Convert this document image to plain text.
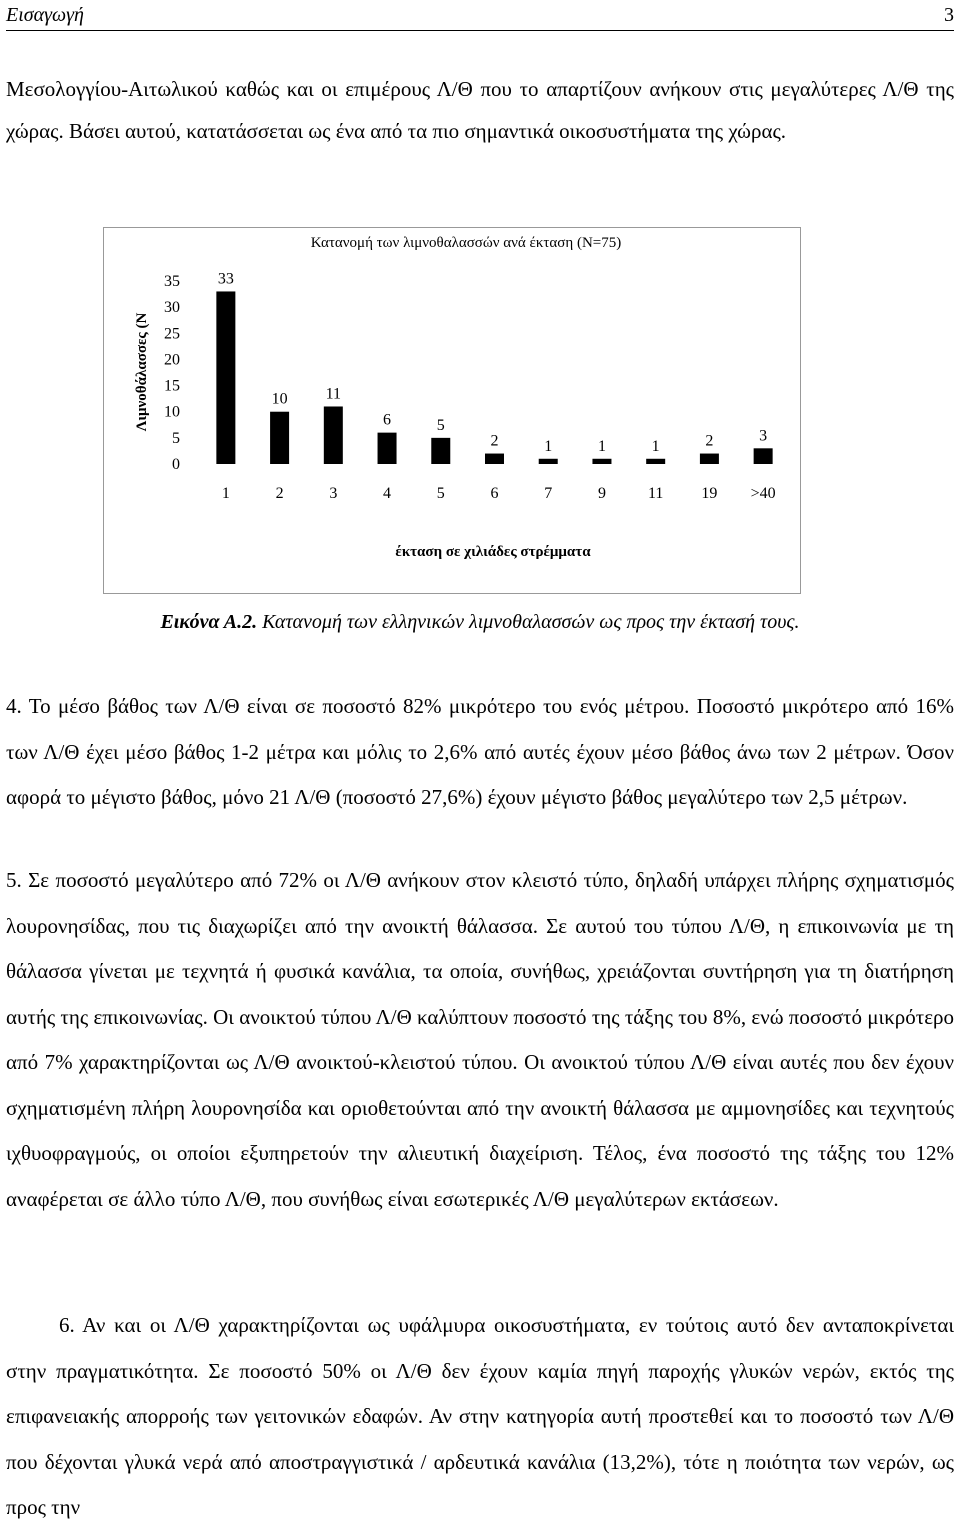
Εισαγωγή	3

Μεσολογγίου-Αιτωλικού καθώς και οι επιμέρους Λ/Θ που το απαρτίζουν ανήκουν στις μεγαλύτερες Λ/Θ της χώρας. Βάσει αυτού, κατατάσσεται ως ένα από τα πιο σημαντικά οικοσυστήματα της χώρας.

Κατανομή των λιμνοθαλασσών ανά έκταση (N=75)
Λιμνοθάλασσες (Ν
έκταση σε χιλιάδες στρέμματα
0
5
10
15
20
25
30
35 33
10 11
6	5
2	1	1	1	2	3
1	2	3	4	5	6	7	9	11 19 >40
Εικόνα Α.2. Κατανομή των ελληνικών λιμνοθαλασσών ως προς την έκτασή τους.

4. Το μέσο βάθος των Λ/Θ είναι σε ποσοστό 82% μικρότερο του ενός μέτρου. Ποσοστό μικρότερο από 16% των Λ/Θ έχει μέσο βάθος 1-2 μέτρα και μόλις το 2,6% από αυτές έχουν μέσο βάθος άνω των 2 μέτρων. Όσον αφορά το μέγιστο βάθος, μόνο 21 Λ/Θ (ποσοστό 27,6%) έχουν μέγιστο βάθος μεγαλύτερο των 2,5 μέτρων.

5. Σε ποσοστό μεγαλύτερο από 72% οι Λ/Θ ανήκουν στον κλειστό τύπο, δηλαδή υπάρχει πλήρης σχηματισμός λουρονησίδας, που τις διαχωρίζει από την ανοικτή θάλασσα. Σε αυτού του τύπου Λ/Θ, η επικοινωνία με τη θάλασσα γίνεται με τεχνητά ή φυσικά κανάλια, τα οποία, συνήθως, χρειάζονται συντήρηση για τη διατήρηση αυτής της επικοινωνίας. Οι ανοικτού τύπου Λ/Θ καλύπτουν ποσοστό της τάξης του 8%, ενώ ποσοστό μικρότερο από 7% χαρακτηρίζονται ως Λ/Θ ανοικτού-κλειστού τύπου. Οι ανοικτού τύπου Λ/Θ είναι αυτές που δεν έχουν σχηματισμένη πλήρη λουρονησίδα και οριοθετούνται από την ανοικτή θάλασσα με αμμονησίδες και τεχνητούς ιχθυοφραγμούς, οι οποίοι εξυπηρετούν την αλιευτική διαχείριση. Τέλος, ένα ποσοστό της τάξης του 12% αναφέρεται σε άλλο τύπο Λ/Θ, που συνήθως είναι εσωτερικές Λ/Θ μεγαλύτερων εκτάσεων.

6. Αν και οι Λ/Θ χαρακτηρίζονται ως υφάλμυρα οικοσυστήματα, εν τούτοις αυτό δεν ανταποκρίνεται στην πραγματικότητα. Σε ποσοστό 50% οι Λ/Θ δεν έχουν καμία πηγή παροχής γλυκών νερών, εκτός της επιφανειακής απορροής των γειτονικών εδαφών. Αν στην κατηγορία αυτή προστεθεί και το ποσοστό των Λ/Θ που δέχονται γλυκά νερά από αποστραγγιστικά / αρδευτικά κανάλια (13,2%), τότε η ποιότητα των νερών, ως προς την
